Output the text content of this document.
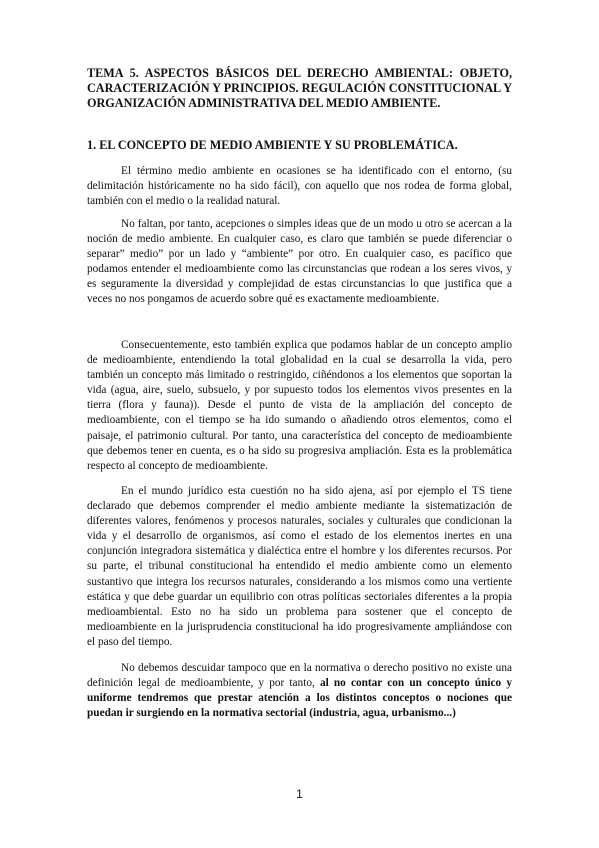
TEMA 5. ASPECTOS BÁSICOS DEL DERECHO AMBIENTAL: OBJETO, CARACTERIZACIÓN Y PRINCIPIOS. REGULACIÓN CONSTITUCIONAL Y ORGANIZACIÓN ADMINISTRATIVA DEL MEDIO AMBIENTE.
1. EL CONCEPTO DE MEDIO AMBIENTE Y SU PROBLEMÁTICA.

El término medio ambiente en ocasiones se ha identificado con el entorno, (su delimitación históricamente no ha sido fácil), con aquello que nos rodea de forma global, también con el medio o la realidad natural.

No faltan, por tanto, acepciones o simples ideas que de un modo u otro se acercan a la noción de medio ambiente. En cualquier caso, es claro que también se puede diferenciar o separar” medio” por un lado y “ambiente” por otro. En cualquier caso, es pacífico que podamos entender el medioambiente como las circunstancias que rodean a los seres vivos, y es seguramente la diversidad y complejidad de estas circunstancias lo que justifica que a veces no nos pongamos de acuerdo sobre qué es exactamente medioambiente.

Consecuentemente, esto también explica que podamos hablar de un concepto amplio de medioambiente, entendiendo la total globalidad en la cual se desarrolla la vida, pero también un concepto más limitado o restringido, ciñéndonos a los elementos que soportan la vida (agua, aire, suelo, subsuelo, y por supuesto todos los elementos vivos presentes en la tierra (flora y fauna)). Desde el punto de vista de la ampliación del concepto de medioambiente, con el tiempo se ha ido sumando o añadiendo otros elementos, como el paisaje, el patrimonio cultural. Por tanto, una característica del concepto de medioambiente que debemos tener en cuenta, es o ha sido su progresiva ampliación. Esta es la problemática respecto al concepto de medioambiente.

En el mundo jurídico esta cuestión no ha sido ajena, así por ejemplo el TS tiene declarado que debemos comprender el medio ambiente mediante la sistematización de diferentes valores, fenómenos y procesos naturales, sociales y culturales que condicionan la vida y el desarrollo de organismos, así como el estado de los elementos inertes en una conjunción integradora sistemática y dialéctica entre el hombre y los diferentes recursos. Por su parte, el tribunal constitucional ha entendido el medio ambiente como un elemento sustantivo que integra los recursos naturales, considerando a los mismos como una vertiente estática y que debe guardar un equilibrio con otras políticas sectoriales diferentes a la propia medioambiental. Esto no ha sido un problema para sostener que el concepto de medioambiente en la jurisprudencia constitucional ha ido progresivamente ampliándose con el paso del tiempo.

No debemos descuidar tampoco que en la normativa o derecho positivo no existe una definición legal de medioambiente, y por tanto, al no contar con un concepto único y uniforme tendremos que prestar atención a los distintos conceptos o nociones que puedan ir surgiendo en la normativa sectorial (industria, agua, urbanismo...)

1
